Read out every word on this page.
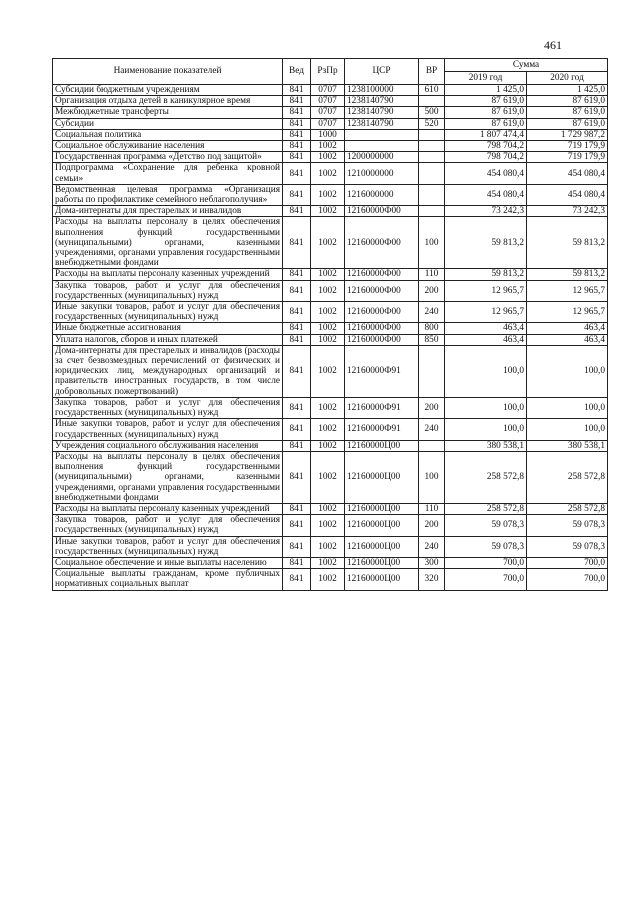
461
Наименование показателей	Вед	РзПр	ЦСР	ВР	Сумма	
					2019 год	2020 год
Субсидии бюджетным учреждениям	841	0707	1238100000	610	1 425,0	1 425,0
Организация отдыха детей в каникулярное время	841	0707	1238140790		87 619,0	87 619,0
Межбюджетные трансферты	841	0707	1238140790	500	87 619,0	87 619,0
Субсидии	841	0707	1238140790	520	87 619,0	87 619,0
Социальная политика	841	1000			1 807 474,4	1 729 987,2
Социальное обслуживание населения	841	1002			798 704,2	719 179,9
Государственная программа «Детство под защитой»	841	1002	1200000000		798 704,2	719 179,9
Подпрограмма «Сохранение для ребенка кровной семьи»	841	1002	1210000000		454 080,4	454 080,4
Ведомственная целевая программа «Организация работы по профилактике семейного неблагополучия»	841	1002	1216000000		454 080,4	454 080,4
Дома-интернаты для престарелых и инвалидов	841	1002	12160000Ф00		73 242,3	73 242,3
Расходы на выплаты персоналу в целях обеспечения выполнения функций государственными (муниципальными) органами, казенными учреждениями, органами управления государственными внебюджетными фондами	841	1002	12160000Ф00	100	59 813,2	59 813,2
Расходы на выплаты персоналу казенных учреждений	841	1002	12160000Ф00	110	59 813,2	59 813,2
Закупка товаров, работ и услуг для обеспечения государственных (муниципальных) нужд	841	1002	12160000Ф00	200	12 965,7	12 965,7
Иные закупки товаров, работ и услуг для обеспечения государственных (муниципальных) нужд	841	1002	12160000Ф00	240	12 965,7	12 965,7
Иные бюджетные ассигнования	841	1002	12160000Ф00	800	463,4	463,4
Уплата налогов, сборов и иных платежей	841	1002	12160000Ф00	850	463,4	463,4
Дома-интернаты для престарелых и инвалидов (расходы за счет безвозмездных перечислений от физических и юридических лиц, международных организаций и правительств иностранных государств, в том числе добровольных пожертвований)	841	1002	12160000Ф91		100,0	100,0
Закупка товаров, работ и услуг для обеспечения государственных (муниципальных) нужд	841	1002	12160000Ф91	200	100,0	100,0
Иные закупки товаров, работ и услуг для обеспечения государственных (муниципальных) нужд	841	1002	12160000Ф91	240	100,0	100,0
Учреждения социального обслуживания населения	841	1002	12160000Ц00		380 538,1	380 538,1
Расходы на выплаты персоналу в целях обеспечения выполнения функций государственными (муниципальными) органами, казенными учреждениями, органами управления государственными внебюджетными фондами	841	1002	12160000Ц00	100	258 572,8	258 572,8
Расходы на выплаты персоналу казенных учреждений	841	1002	12160000Ц00	110	258 572,8	258 572,8
Закупка товаров, работ и услуг для обеспечения государственных (муниципальных) нужд	841	1002	12160000Ц00	200	59 078,3	59 078,3
Иные закупки товаров, работ и услуг для обеспечения государственных (муниципальных) нужд	841	1002	12160000Ц00	240	59 078,3	59 078,3
Социальное обеспечение и иные выплаты населению	841	1002	12160000Ц00	300	700,0	700,0
Социальные выплаты гражданам, кроме публичных нормативных социальных выплат	841	1002	12160000Ц00	320	700,0	700,0
